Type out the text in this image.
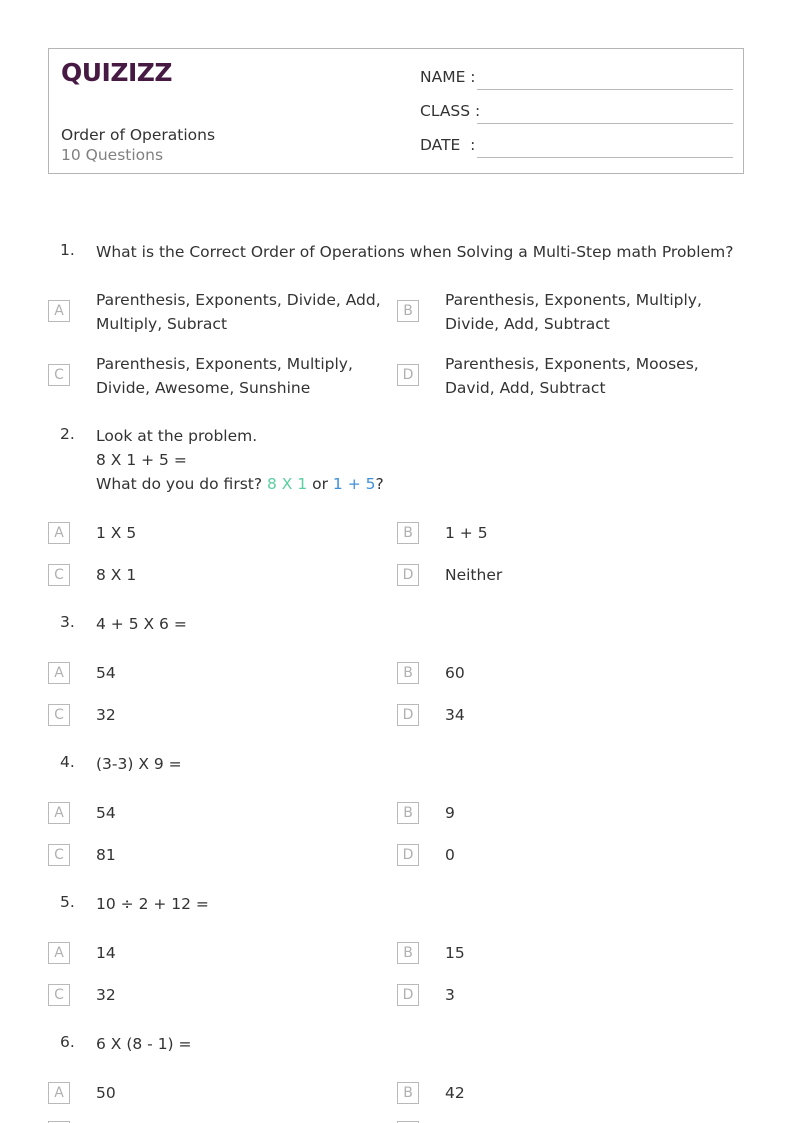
QUIZIZZ
Order of Operations
10 Questions
NAME :
CLASS :
DATE  :
1. What is the Correct Order of Operations when Solving a Multi-Step math Problem?
A
Parenthesis, Exponents, Divide, Add, Multiply, Subract
B
Parenthesis, Exponents, Multiply, Divide, Add, Subtract
C
Parenthesis, Exponents, Multiply, Divide, Awesome, Sunshine
D
Parenthesis, Exponents, Mooses, David, Add, Subtract
2. Look at the problem.
8 X 1 + 5 =
What do you do first? 8 X 1 or 1 + 5?
A	1 X 5	B	1 + 5
C	8 X 1	D	Neither
3. 4 + 5 X 6 =
A	54	B	60
C	32	D	34
4. (3-3) X 9 =
A	54	B	9
C	81	D	0
5. 10 ÷ 2 + 12 =
A	14	B	15
C	32	D	3
6. 6 X (8 - 1) =
A	50	B	42
